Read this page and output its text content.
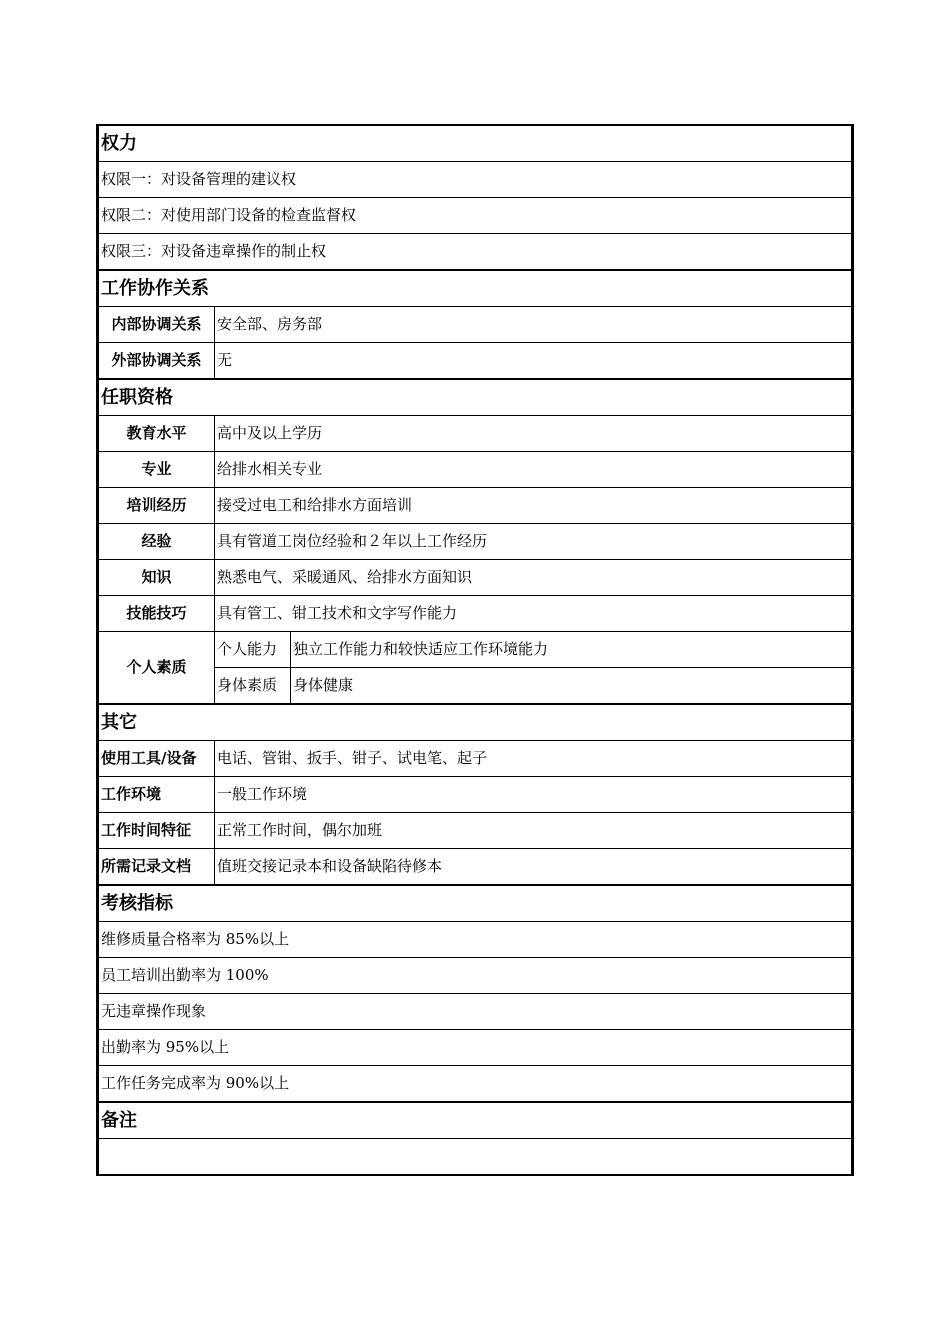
权力		
权限一：对设备管理的建议权		
权限二：对使用部门设备的检查监督权		
权限三：对设备违章操作的制止权		
工作协作关系		
内部协调关系	安全部、房务部	
外部协调关系	无	
任职资格		
教育水平	高中及以上学历	
专业	给排水相关专业	
培训经历	接受过电工和给排水方面培训	
经验	具有管道工岗位经验和２年以上工作经历	
知识	熟悉电气、采暖通风、给排水方面知识	
技能技巧	具有管工、钳工技术和文字写作能力	
个人素质	个人能力	独立工作能力和较快适应工作环境能力
	身体素质	身体健康
其它		
使用工具/设备	电话、管钳、扳手、钳子、试电笔、起子	
工作环境	一般工作环境	
工作时间特征	正常工作时间，偶尔加班	
所需记录文档	值班交接记录本和设备缺陷待修本	
考核指标		
维修质量合格率为 85%以上		
员工培训出勤率为 100%		
无违章操作现象		
出勤率为 95%以上		
工作任务完成率为 90%以上		
备注		
